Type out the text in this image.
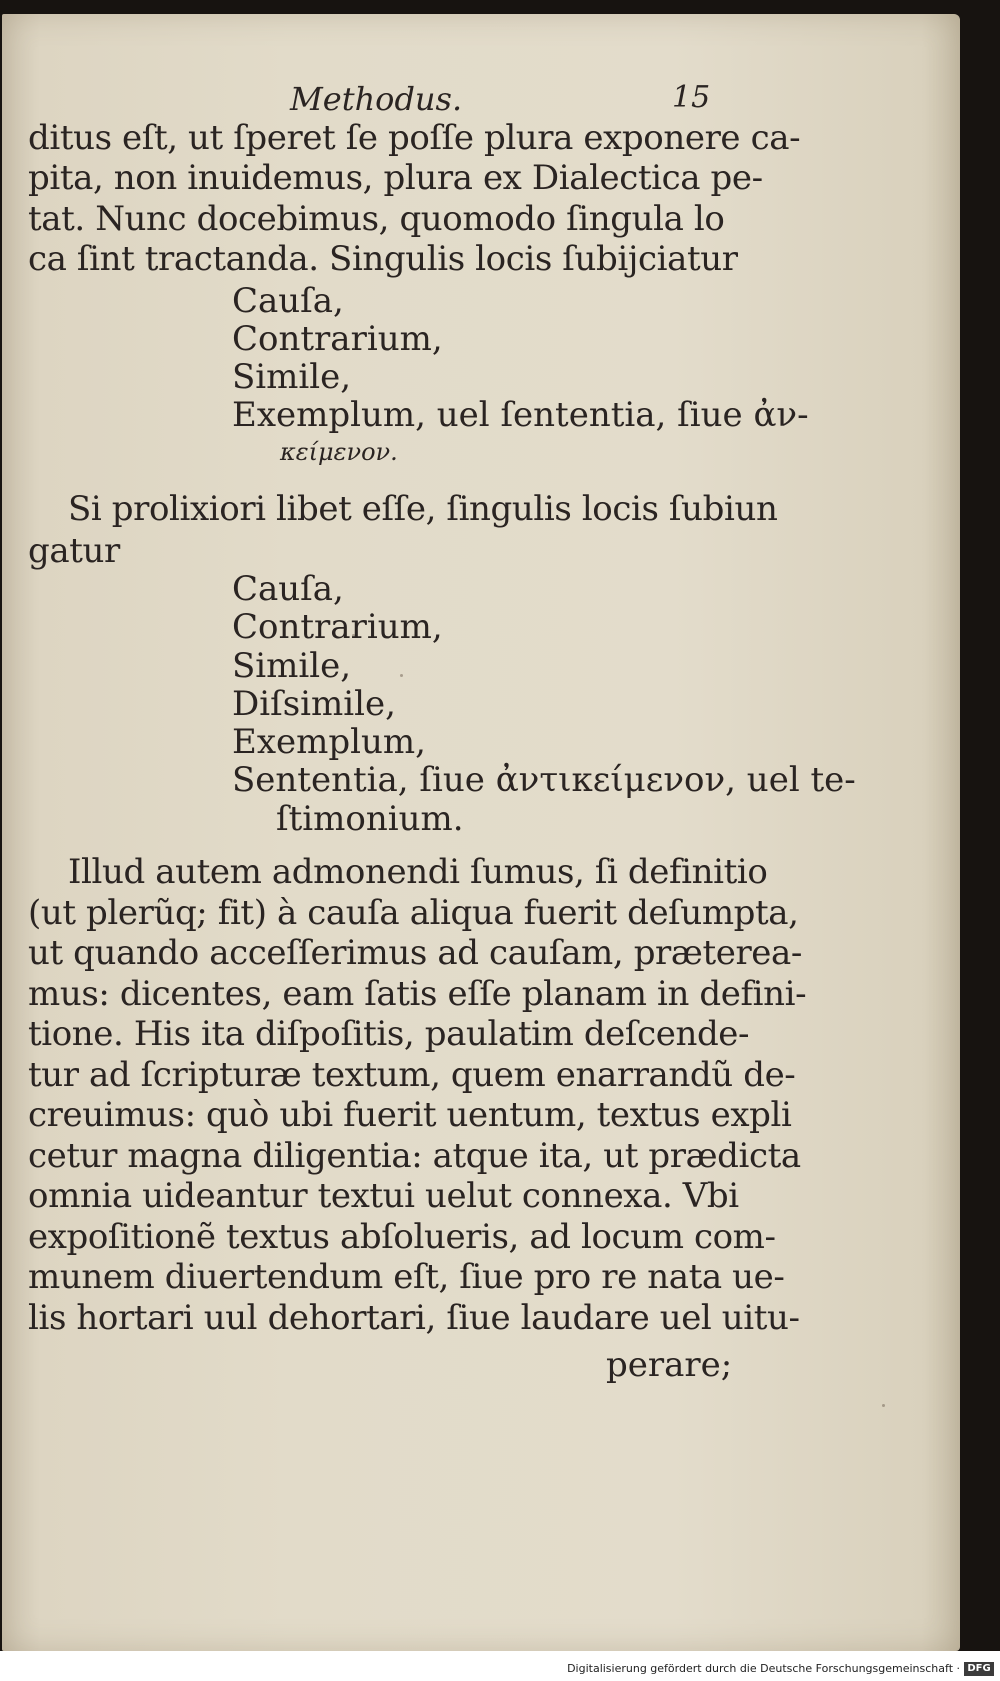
Methodus.	15
ditus eſt, ut ſperet ſe poſſe plura exponere ca-
pita, non inuidemus, plura ex Dialectica pe-
tat. Nunc docebimus, quomodo ſingula lo
ca ſint tractanda. Singulis locis ſubijciatur
Cauſa,
Contrarium,
Simile,
Exemplum, uel ſententia, ſiue ἀν-
κείμενον.
Si prolixiori libet eſſe, ſingulis locis ſubiun
gatur
Cauſa,
Contrarium,
Simile,
Diſsimile,
Exemplum,
Sententia, ſiue ἀντικείμενον, uel te-
ſtimonium.
Illud autem admonendi ſumus, ſi definitio
(ut plerũq; fit) à cauſa aliqua fuerit deſumpta,
ut quando acceſſerimus ad cauſam, prætereа-
mus: dicentes, eam ſatis eſſe planam in defini-
tione. His ita diſpoſitis, paulatim deſcende-
tur ad ſcripturæ textum, quem enarrandũ de-
creuimus: quò ubi fuerit uentum, textus expli
cetur magna diligentia: atque ita, ut prædicta
omnia uideantur textui uelut connexa. Vbi
expoſitionẽ textus abſolueris, ad locum com-
munem diuertendum eſt, ſiue pro re nata ue-
lis hortari uul dehortari, ſiue laudare uel uitu-
perare;
Digitalisierung gefördert durch die Deutsche Forschungsgemeinschaft · DFG
